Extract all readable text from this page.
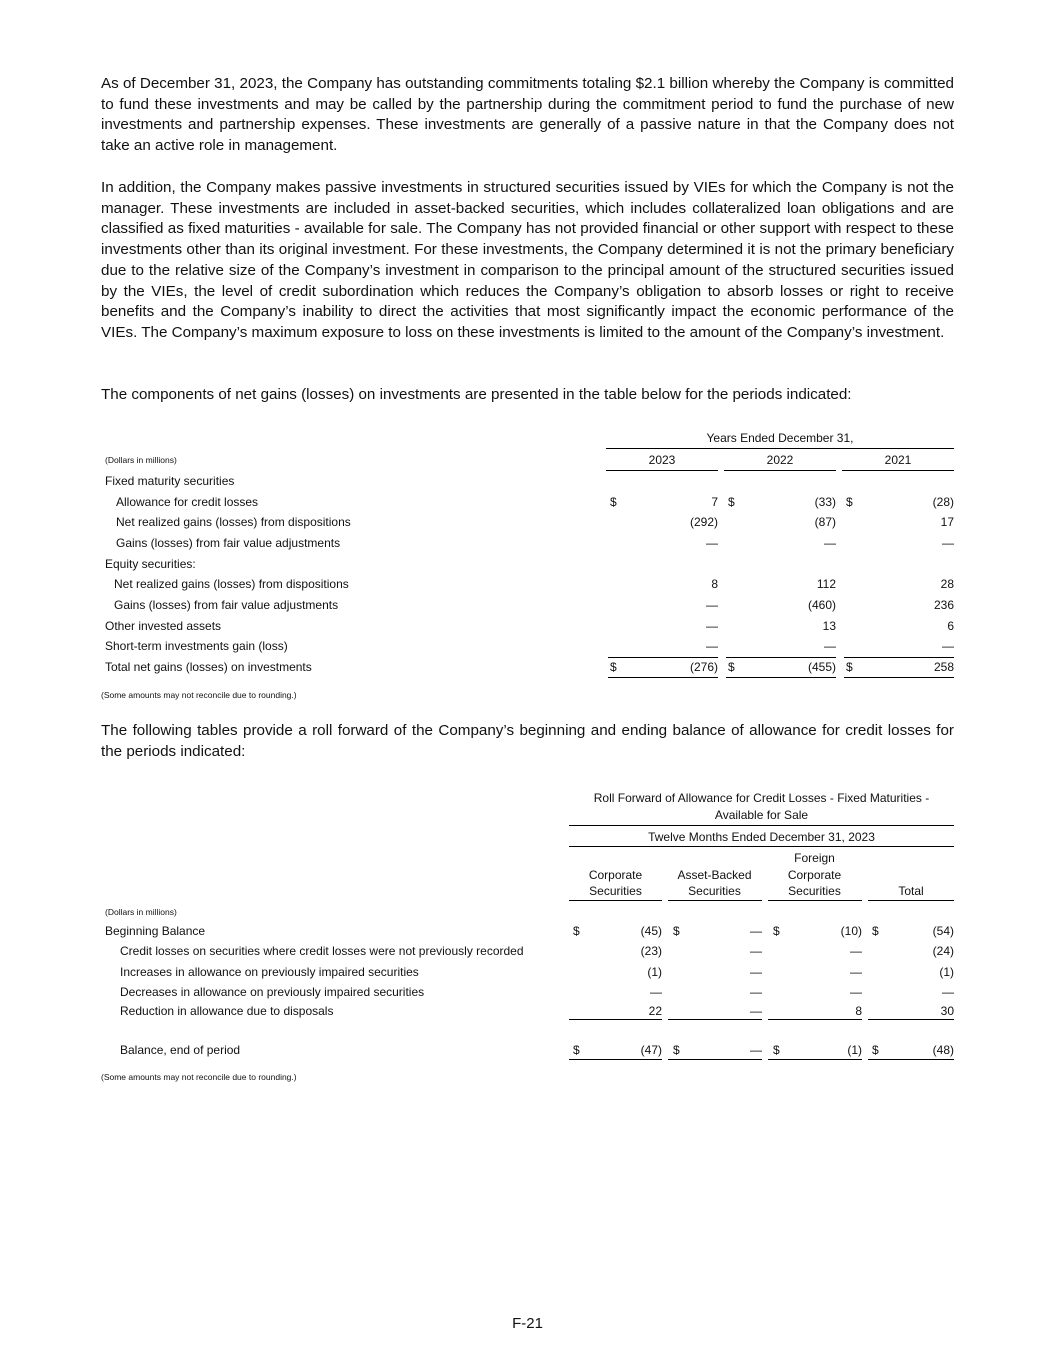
As of December 31, 2023, the Company has outstanding commitments totaling $2.1 billion whereby the Company is committed to fund these investments and may be called by the partnership during the commitment period to fund the purchase of new investments and partnership expenses. These investments are generally of a passive nature in that the Company does not take an active role in management.

In addition, the Company makes passive investments in structured securities issued by VIEs for which the Company is not the manager. These investments are included in asset-backed securities, which includes collateralized loan obligations and are classified as fixed maturities - available for sale. The Company has not provided financial or other support with respect to these investments other than its original investment. For these investments, the Company determined it is not the primary beneficiary due to the relative size of the Company’s investment in comparison to the principal amount of the structured securities issued by the VIEs, the level of credit subordination which reduces the Company’s obligation to absorb losses or right to receive benefits and the Company’s inability to direct the activities that most significantly impact the economic performance of the VIEs. The Company’s maximum exposure to loss on these investments is limited to the amount of the Company’s investment.

The components of net gains (losses) on investments are presented in the table below for the periods indicated:

Years Ended December 31,
(Dollars in millions)	2023	2022	2021
Fixed maturity securities
Allowance for credit losses	$	7 $	(33) $	(28)
Net realized gains (losses) from dispositions	(292)	(87)	17
Gains (losses) from fair value adjustments	—	—	—
Equity securities:
Net realized gains (losses) from dispositions	8	112	28
Gains (losses) from fair value adjustments	—	(460)	236
Other invested assets	—	13	6
Short-term investments gain (loss)	—	—	—
Total net gains (losses) on investments	$	(276) $	(455) $	258
(Some amounts may not reconcile due to rounding.)

The following tables provide a roll forward of the Company’s beginning and ending balance of allowance for credit losses for the periods indicated:

Roll Forward of Allowance for Credit Losses - Fixed Maturities - Available for Sale
Twelve Months Ended December 31, 2023

Corporate
Securities

Asset-Backed
Securities
Foreign
Corporate
Securities

	Total
(Dollars in millions)
Beginning Balance	$	(45) $	— $	(10) $	(54)
Credit losses on securities where credit losses were not previously recorded	(23)	—	—	(24)
Increases in allowance on previously impaired securities	(1)	—	—	(1)
Decreases in allowance on previously impaired securities	—	—	—	—
Reduction in allowance due to disposals	22	—	8	30
Balance, end of period	$	(47) $	— $	(1) $	(48)
(Some amounts may not reconcile due to rounding.)
F-21
